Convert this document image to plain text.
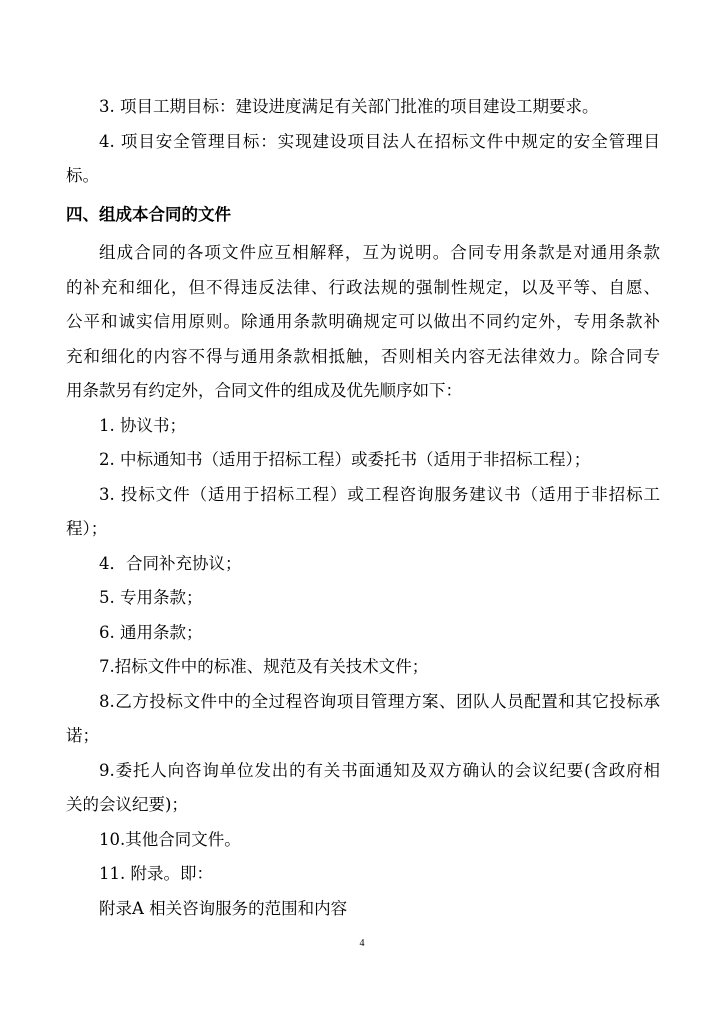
3. 项目工期目标：建设进度满足有关部门批准的项目建设工期要求。
4. 项目安全管理目标：实现建设项目法人在招标文件中规定的安全管理目
标。
四、组成本合同的文件
组成合同的各项文件应互相解释，互为说明。合同专用条款是对通用条款
的补充和细化，但不得违反法律、行政法规的强制性规定，以及平等、自愿、
公平和诚实信用原则。除通用条款明确规定可以做出不同约定外，专用条款补
充和细化的内容不得与通用条款相抵触，否则相关内容无法律效力。除合同专
用条款另有约定外，合同文件的组成及优先顺序如下：
1. 协议书；
2. 中标通知书（适用于招标工程）或委托书（适用于非招标工程）；
3. 投标文件（适用于招标工程）或工程咨询服务建议书（适用于非招标工
程）；
4．合同补充协议；
5. 专用条款；
6. 通用条款；
7.招标文件中的标准、规范及有关技术文件；
8.乙方投标文件中的全过程咨询项目管理方案、团队人员配置和其它投标承
诺；
9.委托人向咨询单位发出的有关书面通知及双方确认的会议纪要(含政府相
关的会议纪要)；
10.其他合同文件。
11. 附录。即：
附录A 相关咨询服务的范围和内容
4
